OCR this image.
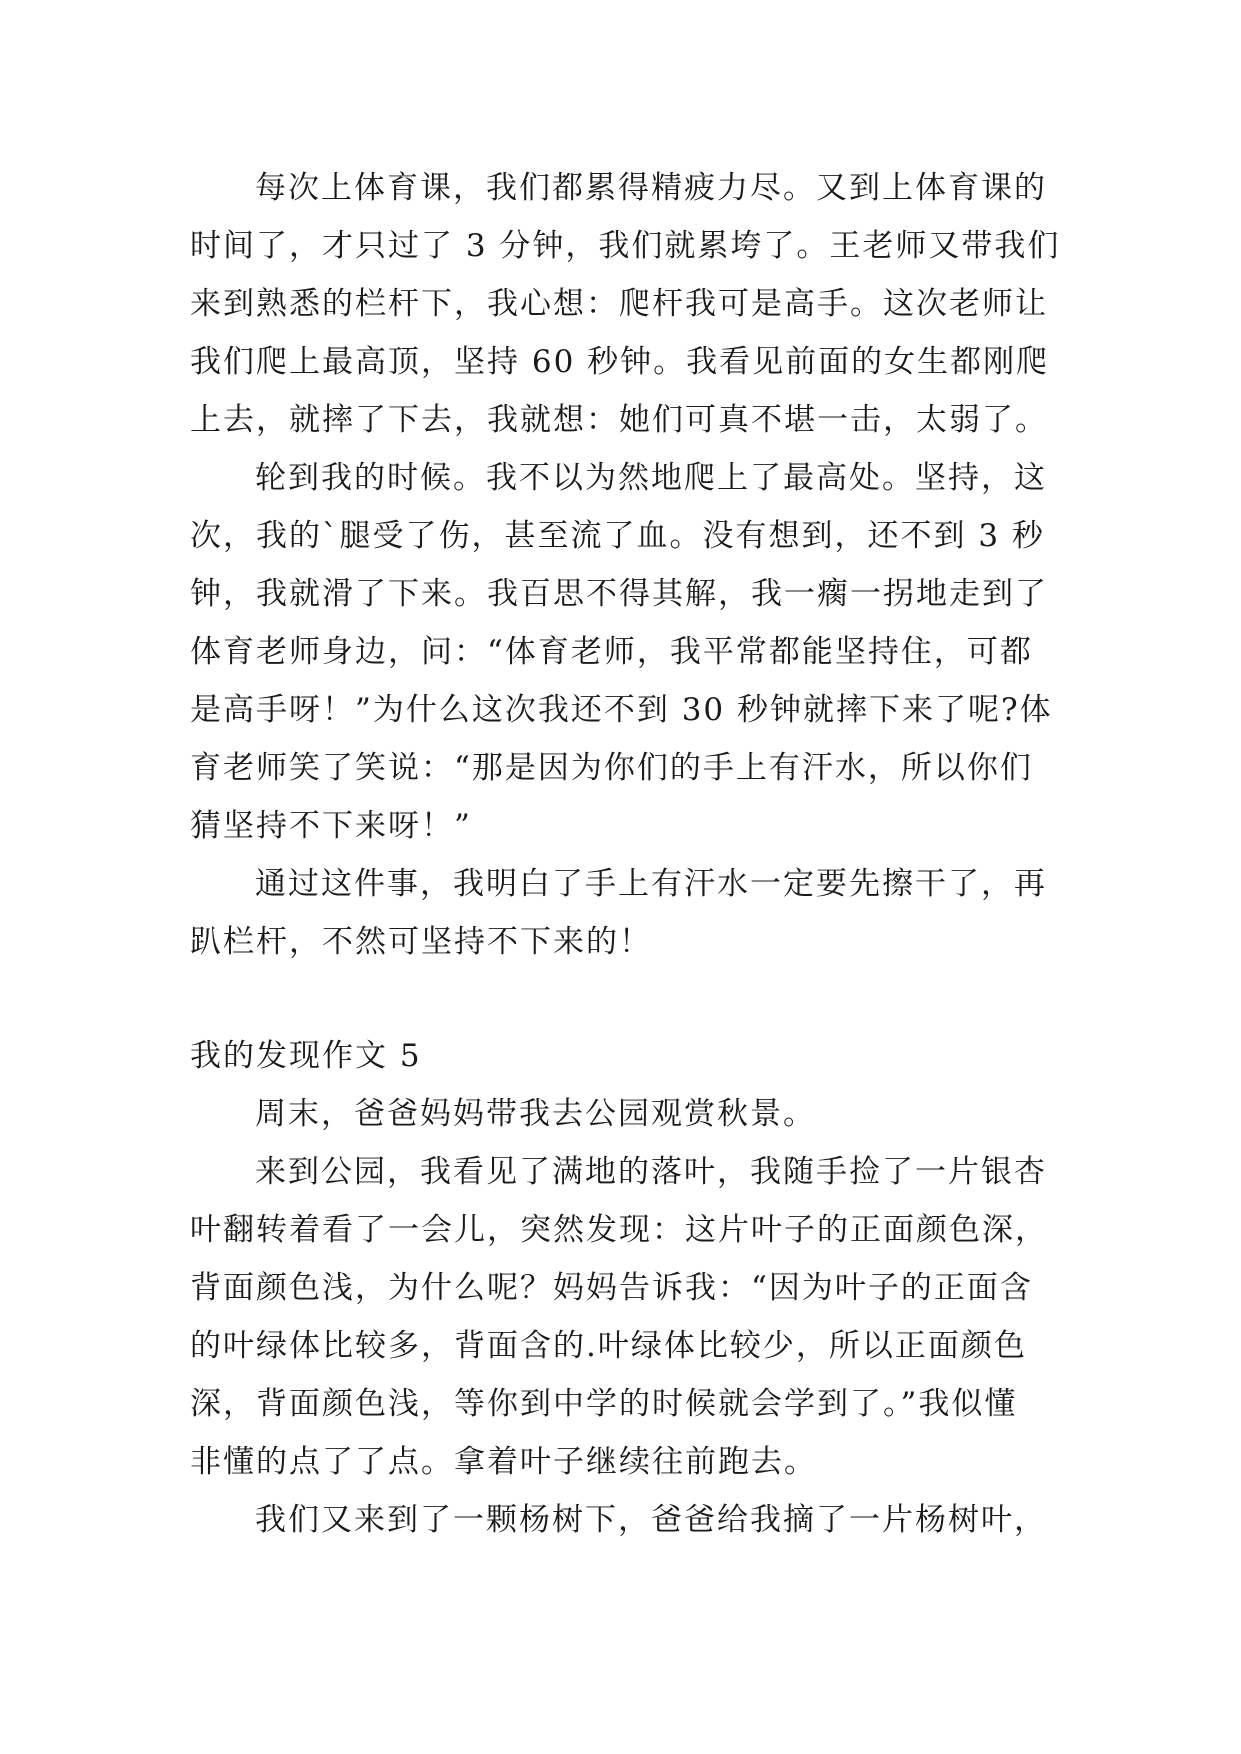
每次上体育课，我们都累得精疲力尽。又到上体育课的
时间了，才只过了 3 分钟，我们就累垮了。王老师又带我们
来到熟悉的栏杆下，我心想：爬杆我可是高手。这次老师让
我们爬上最高顶，坚持 60 秒钟。我看见前面的女生都刚爬
上去，就摔了下去，我就想：她们可真不堪一击，太弱了。
轮到我的时候。我不以为然地爬上了最高处。坚持，这
次，我的`腿受了伤，甚至流了血。没有想到，还不到 3 秒
钟，我就滑了下来。我百思不得其解，我一瘸一拐地走到了
体育老师身边，问：“体育老师，我平常都能坚持住，可都
是高手呀！”为什么这次我还不到 30 秒钟就摔下来了呢?体
育老师笑了笑说：“那是因为你们的手上有汗水，所以你们
猜坚持不下来呀！”
通过这件事，我明白了手上有汗水一定要先擦干了，再
趴栏杆，不然可坚持不下来的！
我的发现作文 5
周末，爸爸妈妈带我去公园观赏秋景。
来到公园，我看见了满地的落叶，我随手捡了一片银杏
叶翻转着看了一会儿，突然发现：这片叶子的正面颜色深，
背面颜色浅，为什么呢？妈妈告诉我：“因为叶子的正面含
的叶绿体比较多，背面含的.叶绿体比较少，所以正面颜色
深，背面颜色浅，等你到中学的时候就会学到了。”我似懂
非懂的点了了点。拿着叶子继续往前跑去。
我们又来到了一颗杨树下，爸爸给我摘了一片杨树叶，
